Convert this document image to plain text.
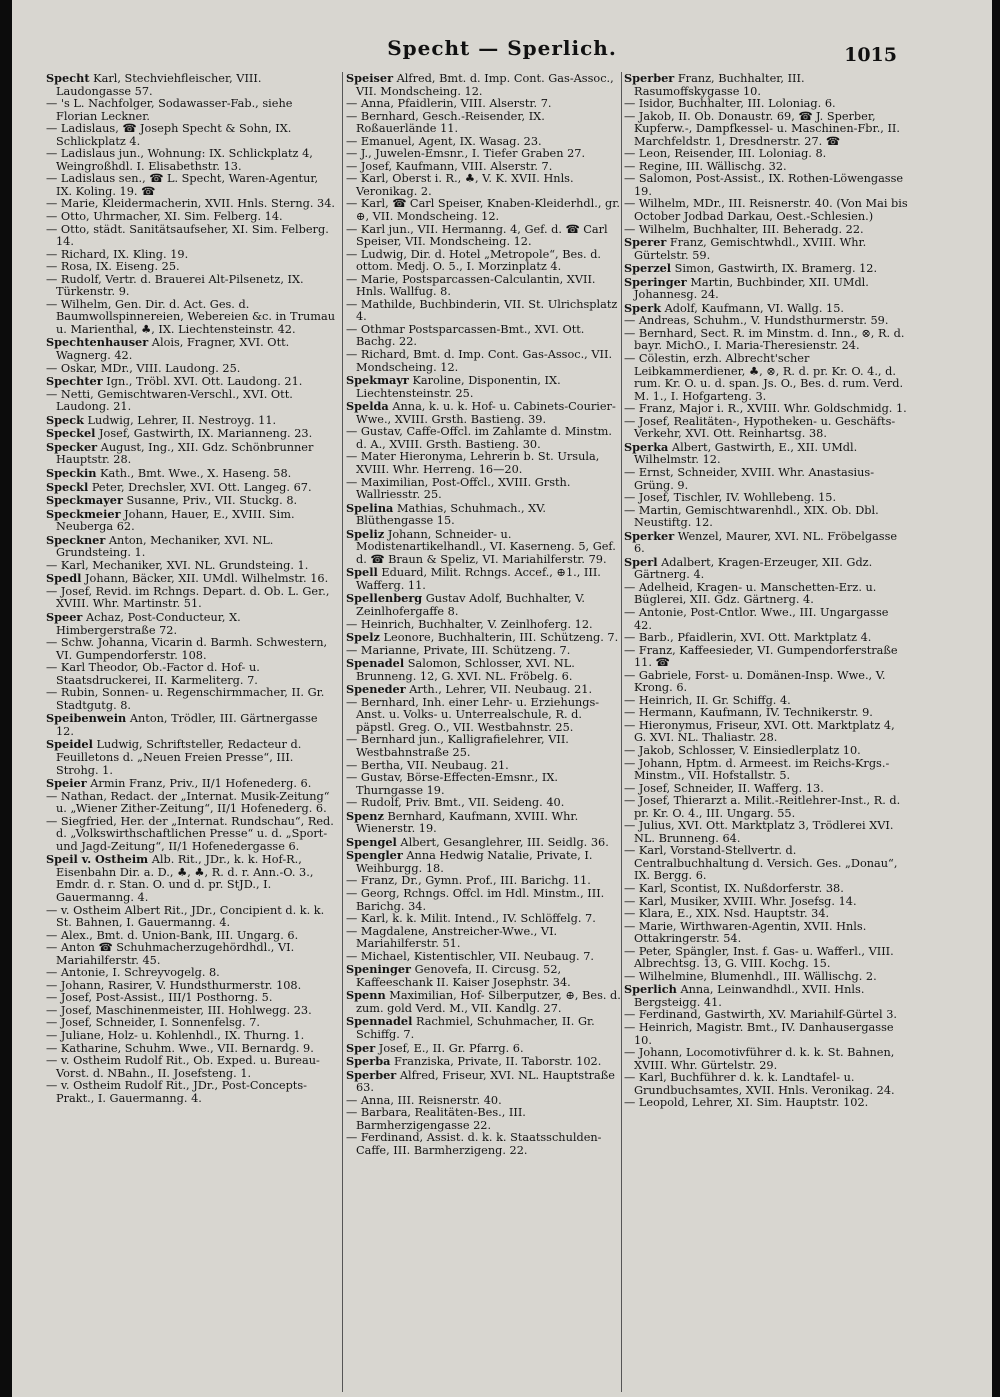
Specht — Sperlich.	1015

Specht Karl, Stechviehfleischer, VIII. Laudongasse 57.

— 's L. Nachfolger, Sodawasser-Fab., siehe Florian Leckner.

— Ladislaus, ☎ Joseph Specht & Sohn, IX. Schlickplatz 4.

— Ladislaus jun., Wohnung: IX. Schlickplatz 4, Weingroßhdl. I. Elisabethstr. 13.

— Ladislaus sen., ☎ L. Specht, Waren-Agentur, IX. Koling. 19. ☎

— Marie, Kleidermacherin, XVII. Hnls. Sterng. 34.

— Otto, Uhrmacher, XI. Sim. Felberg. 14.

— Otto, städt. Sanitätsaufseher, XI. Sim. Felberg. 14.

— Richard, IX. Kling. 19.

— Rosa, IX. Eiseng. 25.

— Rudolf, Vertr. d. Brauerei Alt-Pilsenetz, IX. Türkenstr. 9.

— Wilhelm, Gen. Dir. d. Act. Ges. d. Baumwollspinnereien, Webereien &c. in Trumau u. Marienthal, ♣, IX. Liechtensteinstr. 42.

Spechtenhauser Alois, Fragner, XVI. Ott. Wagnerg. 42.

— Oskar, MDr., VIII. Laudong. 25.

Spechter Ign., Tröbl. XVI. Ott. Laudong. 21.

— Netti, Gemischtwaren-Verschl., XVI. Ott. Laudong. 21.

Speck Ludwig, Lehrer, II. Nestroyg. 11.

Speckel Josef, Gastwirth, IX. Marianneng. 23.

Specker August, Ing., XII. Gdz. Schönbrunner Hauptstr. 28.

Speckin Kath., Bmt. Wwe., X. Haseng. 58.

Speckl Peter, Drechsler, XVI. Ott. Langeg. 67.

Speckmayer Susanne, Priv., VII. Stuckg. 8.

Speckmeier Johann, Hauer, E., XVIII. Sim. Neuberga 62.

Speckner Anton, Mechaniker, XVI. NL. Grundsteing. 1.

— Karl, Mechaniker, XVI. NL. Grundsteing. 1.

Spedl Johann, Bäcker, XII. UMdl. Wilhelmstr. 16.

— Josef, Revid. im Rchngs. Depart. d. Ob. L. Ger., XVIII. Whr. Martinstr. 51.

Speer Achaz, Post-Conducteur, X. Himbergerstraße 72.

— Schw. Johanna, Vicarin d. Barmh. Schwestern, VI. Gumpendorferstr. 108.

— Karl Theodor, Ob.-Factor d. Hof- u. Staatsdruckerei, II. Karmeliterg. 7.

— Rubin, Sonnen- u. Regenschirmmacher, II. Gr. Stadtgutg. 8.

Speibenwein Anton, Trödler, III. Gärtnergasse 12.

Speidel Ludwig, Schriftsteller, Redacteur d. Feuilletons d. „Neuen Freien Presse“, III. Strohg. 1.

Speier Armin Franz, Priv., II/1 Hofenederg. 6.

— Nathan, Redact. der „Internat. Musik-Zeitung“ u. „Wiener Zither-Zeitung“, II/1 Hofenederg. 6.

— Siegfried, Her. der „Internat. Rundschau“, Red. d. „Volkswirthschaftlichen Presse“ u. d. „Sport- und Jagd-Zeitung“, II/1 Hofenedergasse 6.

Speil v. Ostheim Alb. Rit., JDr., k. k. Hof-R., Eisenbahn Dir. a. D., ♣, ♣, R. d. r. Ann.-O. 3., Emdr. d. r. Stan. O. und d. pr. StJD., I. Gauermanng. 4.

— v. Ostheim Albert Rit., JDr., Concipient d. k. k. St. Bahnen, I. Gauermanng. 4.

— Alex., Bmt. d. Union-Bank, III. Ungarg. 6.

— Anton ☎ Schuhmacherzugehördhdl., VI. Mariahilferstr. 45.

— Antonie, I. Schreyvogelg. 8.

— Johann, Rasirer, V. Hundsthurmerstr. 108.

— Josef, Post-Assist., III/1 Posthorng. 5.

— Josef, Maschinenmeister, III. Hohlwegg. 23.

— Josef, Schneider, I. Sonnenfelsg. 7.

— Juliane, Holz- u. Kohlenhdl., IX. Thurng. 1.

— Katharine, Schuhm. Wwe., VII. Bernardg. 9.

— v. Ostheim Rudolf Rit., Ob. Exped. u. Bureau-Vorst. d. NBahn., II. Josefsteng. 1.

— v. Ostheim Rudolf Rit., JDr., Post-Concepts-Prakt., I. Gauermanng. 4.

Speiser Alfred, Bmt. d. Imp. Cont. Gas-Assoc., VII. Mondscheing. 12.

— Anna, Pfaidlerin, VIII. Alserstr. 7.

— Bernhard, Gesch.-Reisender, IX. Roßauerlände 11.

— Emanuel, Agent, IX. Wasag. 23.

— J., Juwelen-Emsnr., I. Tiefer Graben 27.

— Josef, Kaufmann, VIII. Alserstr. 7.

— Karl, Oberst i. R., ♣, V. K. XVII. Hnls. Veronikag. 2.

— Karl, ☎ Carl Speiser, Knaben-Kleiderhdl., gr. ⊕, VII. Mondscheing. 12.

— Karl jun., VII. Hermanng. 4, Gef. d. ☎ Carl Speiser, VII. Mondscheing. 12.

— Ludwig, Dir. d. Hotel „Metropole“, Bes. d. ottom. Medj. O. 5., I. Morzinplatz 4.

— Marie, Postsparcassen-Calculantin, XVII. Hnls. Wallfug. 8.

— Mathilde, Buchbinderin, VII. St. Ulrichsplatz 4.

— Othmar Postsparcassen-Bmt., XVI. Ott. Bachg. 22.

— Richard, Bmt. d. Imp. Cont. Gas-Assoc., VII. Mondscheing. 12.

Spekmayr Karoline, Disponentin, IX. Liechtensteinstr. 25.

Spelda Anna, k. u. k. Hof- u. Cabinets-Courier-Wwe., XVIII. Grsth. Bastieng. 39.

— Gustav, Caffe-Offcl. im Zahlamte d. Minstm. d. A., XVIII. Grsth. Bastieng. 30.

— Mater Hieronyma, Lehrerin b. St. Ursula, XVIII. Whr. Herreng. 16—20.

— Maximilian, Post-Offcl., XVIII. Grsth. Wallriesstr. 25.

Spelina Mathias, Schuhmach., XV. Blüthengasse 15.

Speliz Johann, Schneider- u. Modistenartikelhandl., VI. Kaserneng. 5, Gef. d. ☎ Braun & Speliz, VI. Mariahilferstr. 79.

Spell Eduard, Milit. Rchngs. Accef., ⊕1., III. Wafferg. 11.

Spellenberg Gustav Adolf, Buchhalter, V. Zeinlhofergaffe 8.

— Heinrich, Buchhalter, V. Zeinlhoferg. 12.

Spelz Leonore, Buchhalterin, III. Schützeng. 7.

— Marianne, Private, III. Schützeng. 7.

Spenadel Salomon, Schlosser, XVI. NL. Brunneng. 12, G. XVI. NL. Fröbelg. 6.

Speneder Arth., Lehrer, VII. Neubaug. 21.

— Bernhard, Inh. einer Lehr- u. Erziehungs-Anst. u. Volks- u. Unterrealschule, R. d. päpstl. Greg. O., VII. Westbahnstr. 25.

— Bernhard jun., Kalligrafielehrer, VII. Westbahnstraße 25.

— Bertha, VII. Neubaug. 21.

— Gustav, Börse-Effecten-Emsnr., IX. Thurngasse 19.

— Rudolf, Priv. Bmt., VII. Seideng. 40.

Spenz Bernhard, Kaufmann, XVIII. Whr. Wienerstr. 19.

Spengel Albert, Gesanglehrer, III. Seidlg. 36.

Spengler Anna Hedwig Natalie, Private, I. Weihburgg. 18.

— Franz, Dr., Gymn. Prof., III. Barichg. 11.

— Georg, Rchngs. Offcl. im Hdl. Minstm., III. Barichg. 34.

— Karl, k. k. Milit. Intend., IV. Schlöffelg. 7.

— Magdalene, Anstreicher-Wwe., VI. Mariahilferstr. 51.

— Michael, Kistentischler, VII. Neubaug. 7.

Speninger Genovefa, II. Circusg. 52, Kaffeeschank II. Kaiser Josephstr. 34.

Spenn Maximilian, Hof- Silberputzer, ⊕, Bes. d. zum. gold Verd. M., VII. Kandlg. 27.

Spennadel Rachmiel, Schuhmacher, II. Gr. Schiffg. 7.

Sper Josef, E., II. Gr. Pfarrg. 6.

Sperba Franziska, Private, II. Taborstr. 102.

Sperber Alfred, Friseur, XVI. NL. Hauptstraße 63.

— Anna, III. Reisnerstr. 40.

— Barbara, Realitäten-Bes., III. Barmherzigengasse 22.

— Ferdinand, Assist. d. k. k. Staatsschulden-Caffe, III. Barmherzigeng. 22.

Sperber Franz, Buchhalter, III. Rasumoffskygasse 10.

— Isidor, Buchhalter, III. Loloniag. 6.

— Jakob, II. Ob. Donaustr. 69, ☎ J. Sperber, Kupferw.-, Dampfkessel- u. Maschinen-Fbr., II. Marchfeldstr. 1, Dresdnerstr. 27. ☎

— Leon, Reisender, III. Loloniag. 8.

— Regine, III. Wällischg. 32.

— Salomon, Post-Assist., IX. Rothen-Löwengasse 19.

— Wilhelm, MDr., III. Reisnerstr. 40. (Von Mai bis October Jodbad Darkau, Oest.-Schlesien.)

— Wilhelm, Buchhalter, III. Beheradg. 22.

Sperer Franz, Gemischtwhdl., XVIII. Whr. Gürtelstr. 59.

Sperzel Simon, Gastwirth, IX. Bramerg. 12.

Speringer Martin, Buchbinder, XII. UMdl. Johannesg. 24.

Sperk Adolf, Kaufmann, VI. Wallg. 15.

— Andreas, Schuhm., V. Hundsthurmerstr. 59.

— Bernhard, Sect. R. im Minstm. d. Inn., ⊗, R. d. bayr. MichO., I. Maria-Theresienstr. 24.

— Cölestin, erzh. Albrecht'scher Leibkammerdiener, ♣, ⊗, R. d. pr. Kr. O. 4., d. rum. Kr. O. u. d. span. Js. O., Bes. d. rum. Verd. M. 1., I. Hofgarteng. 3.

— Franz, Major i. R., XVIII. Whr. Goldschmidg. 1.

— Josef, Realitäten-, Hypotheken- u. Geschäfts-Verkehr, XVI. Ott. Reinhartsg. 38.

Sperka Albert, Gastwirth, E., XII. UMdl. Wilhelmstr. 12.

— Ernst, Schneider, XVIII. Whr. Anastasius-Grüng. 9.

— Josef, Tischler, IV. Wohllebeng. 15.

— Martin, Gemischtwarenhdl., XIX. Ob. Dbl. Neustiftg. 12.

Sperker Wenzel, Maurer, XVI. NL. Fröbelgasse 6.

Sperl Adalbert, Kragen-Erzeuger, XII. Gdz. Gärtnerg. 4.

— Adelheid, Kragen- u. Manschetten-Erz. u. Büglerei, XII. Gdz. Gärtnerg. 4.

— Antonie, Post-Cntlor. Wwe., III. Ungargasse 42.

— Barb., Pfaidlerin, XVI. Ott. Marktplatz 4.

— Franz, Kaffeesieder, VI. Gumpendorferstraße 11. ☎

— Gabriele, Forst- u. Domänen-Insp. Wwe., V. Krong. 6.

— Heinrich, II. Gr. Schiffg. 4.

— Hermann, Kaufmann, IV. Technikerstr. 9.

— Hieronymus, Friseur, XVI. Ott. Marktplatz 4, G. XVI. NL. Thaliastr. 28.

— Jakob, Schlosser, V. Einsiedlerplatz 10.

— Johann, Hptm. d. Armeest. im Reichs-Krgs.-Minstm., VII. Hofstallstr. 5.

— Josef, Schneider, II. Wafferg. 13.

— Josef, Thierarzt a. Milit.-Reitlehrer-Inst., R. d. pr. Kr. O. 4., III. Ungarg. 55.

— Julius, XVI. Ott. Marktplatz 3, Trödlerei XVI. NL. Brunneng. 64.

— Karl, Vorstand-Stellvertr. d. Centralbuchhaltung d. Versich. Ges. „Donau“, IX. Bergg. 6.

— Karl, Scontist, IX. Nußdorferstr. 38.

— Karl, Musiker, XVIII. Whr. Josefsg. 14.

— Klara, E., XIX. Nsd. Hauptstr. 34.

— Marie, Wirthwaren-Agentin, XVII. Hnls. Ottakringerstr. 54.

— Peter, Spängler, Inst. f. Gas- u. Wafferl., VIII. Albrechtsg. 13, G. VIII. Kochg. 15.

— Wilhelmine, Blumenhdl., III. Wällischg. 2.

Sperlich Anna, Leinwandhdl., XVII. Hnls. Bergsteigg. 41.

— Ferdinand, Gastwirth, XV. Mariahilf-Gürtel 3.

— Heinrich, Magistr. Bmt., IV. Danhausergasse 10.

— Johann, Locomotivführer d. k. k. St. Bahnen, XVIII. Whr. Gürtelstr. 29.

— Karl, Buchführer d. k. k. Landtafel- u. Grundbuchsamtes, XVII. Hnls. Veronikag. 24.

— Leopold, Lehrer, XI. Sim. Hauptstr. 102.
